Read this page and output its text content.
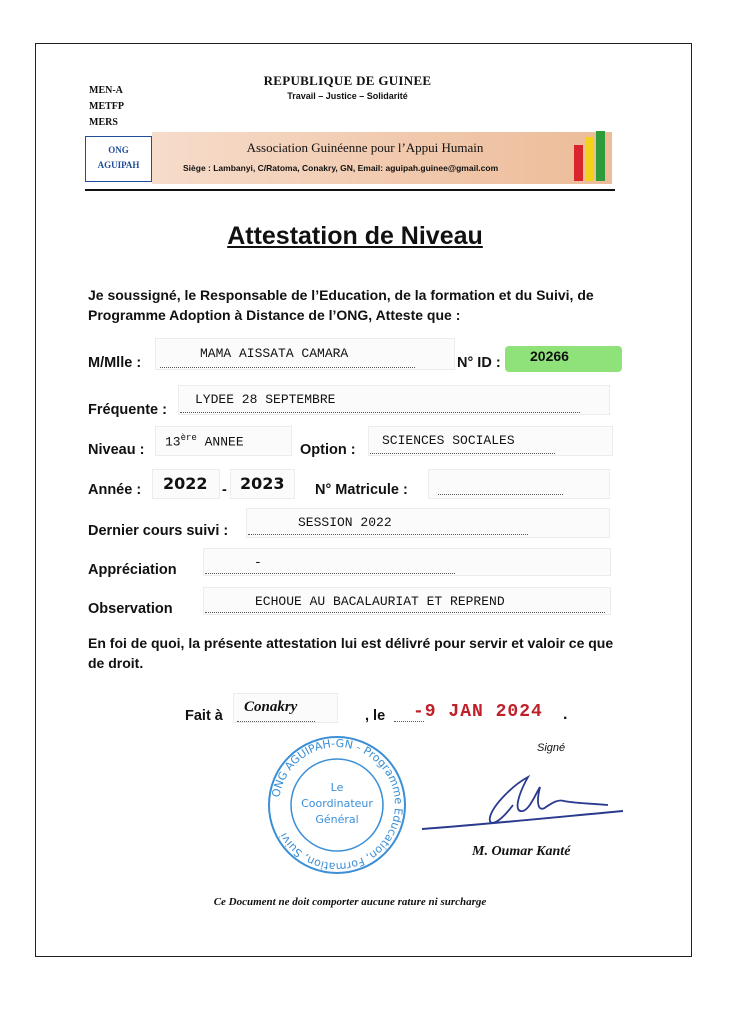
MEN-A
METFP
MERS
REPUBLIQUE DE GUINEE
Travail – Justice – Solidarité
ONG
AGUIPAH
Association Guinéenne pour l’Appui Humain
Siège : Lambanyi, C/Ratoma, Conakry, GN, Email: aguipah.guinee@gmail.com
Attestation de Niveau
Je soussigné, le Responsable de l’Education, de la formation et du Suivi, de Programme Adoption à Distance de l’ONG, Atteste que :
M/Mlle :
MAMA AISSATA CAMARA
N° ID : 20266
Fréquente :
LYDEE 28 SEPTEMBRE
Niveau :
13ère ANNEE
Option :
SCIENCES SOCIALES
Année : 2022 - 2023 N° Matricule :
Dernier cours suivi :
SESSION 2022
Appréciation	-
Observation	ECHOUE AU BACALAURIAT ET REPREND
En foi de quoi, la présente attestation lui est délivré pour servir et valoir ce que de droit.
Fait à
Conakry
, le -9 JAN 2024 .
Signé
ONG AGUIPAH-GN - Programme Education, Formation, Suivi
Le
Coordinateur
Général
M. Oumar Kanté
Ce Document ne doit comporter aucune rature ni surcharge
